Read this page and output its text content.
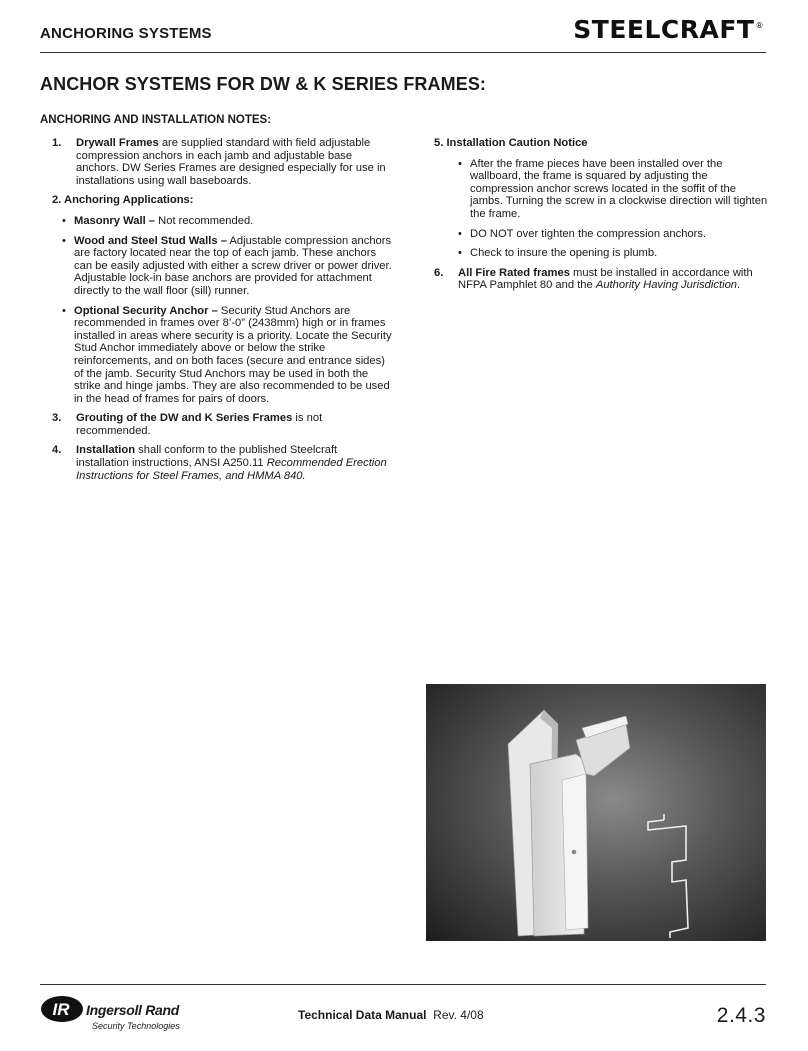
ANCHORING SYSTEMS	STEELCRAFT®
ANCHOR SYSTEMS FOR DW & K SERIES FRAMES:
ANCHORING AND INSTALLATION NOTES:
1.	Drywall Frames are supplied standard with field adjustable compression anchors in each jamb and adjustable base anchors. DW Series Frames are designed especially for use in installations using wall baseboards.
2. Anchoring Applications:
• Masonry Wall – Not recommended.
• Wood and Steel Stud Walls – Adjustable compression anchors are factory located near the top of each jamb. These anchors can be easily adjusted with either a screw driver or power driver. Adjustable lock-in base anchors are provided for attachment directly to the wall floor (sill) runner.
• Optional Security Anchor – Security Stud Anchors are recommended in frames over 8’-0” (2438mm) high or in frames installed in areas where security is a priority. Locate the Security Stud Anchor immediately above or below the strike reinforcements, and on both faces (secure and entrance sides) of the jamb. Security Stud Anchors may be used in both the strike and hinge jambs. They are also recommended to be used in the head of frames for pairs of doors.
3.	Grouting of the DW and K Series Frames is not recommended.
4.	Installation shall conform to the published Steelcraft installation instructions, ANSI A250.11 Recommended Erection Instructions for Steel Frames, and HMMA 840.
5. Installation Caution Notice
• After the frame pieces have been installed over the wallboard, the frame is squared by adjusting the compression anchor screws located in the soffit of the jambs. Turning the screw in a clockwise direction will tighten the frame.
• DO NOT over tighten the compression anchors.
• Check to insure the opening is plumb.
6.	All Fire Rated frames must be installed in accordance with NFPA Pamphlet 80 and the Authority Having Jurisdiction.
IR Ingersoll Rand
Security Technologies
Technical Data Manual Rev. 4/08	2.4.3
